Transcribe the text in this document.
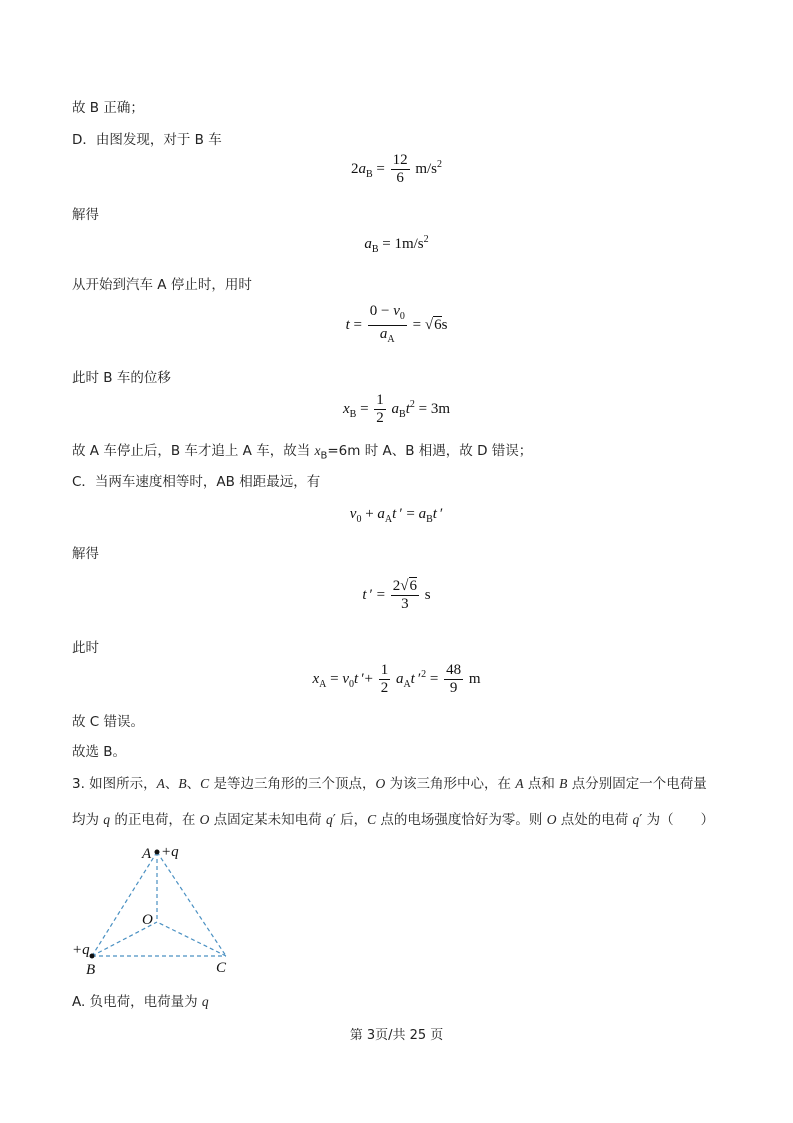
故 B 正确；
D．由图发现，对于 B 车
$2a_B = \frac{12}{6} m/s^2$
解得
$a_B = 1m/s^2$
从开始到汽车 A 停止时，用时
$t = \frac{0 - v_0}{a_A} = √6s$
此时 B 车的位移
$x_B = \frac{1}{2} a_Bt^2 = 3m$
故 A 车停止后，B 车才追上 A 车，故当 $x_B=6m$ 时 A、B 相遇，故 D 错误；
C．当两车速度相等时，AB 相距最远，有
$v_0 + a_At$ ′ = $a_Bt$ ′
解得
t ′ = $\frac{2√6}{3}$ s
此时
$x_A = v_0t$ ′+ $\frac{1}{2} a_At$ $'^2 = \frac{48}{9}$ m
故 C 错误。
故选 B。
3. 如图所示，A、B、C 是等边三角形的三个顶点，O 为该三角形中心，在 A 点和 B 点分别固定一个电荷量
均为 q 的正电荷，在 O 点固定某未知电荷 q′ 后，C 点的电场强度恰好为零。则 O 点处的电荷 q′ 为（　　）
A +q
O
+q
B	C
A. 负电荷，电荷量为 q
第 3页/共 25 页
